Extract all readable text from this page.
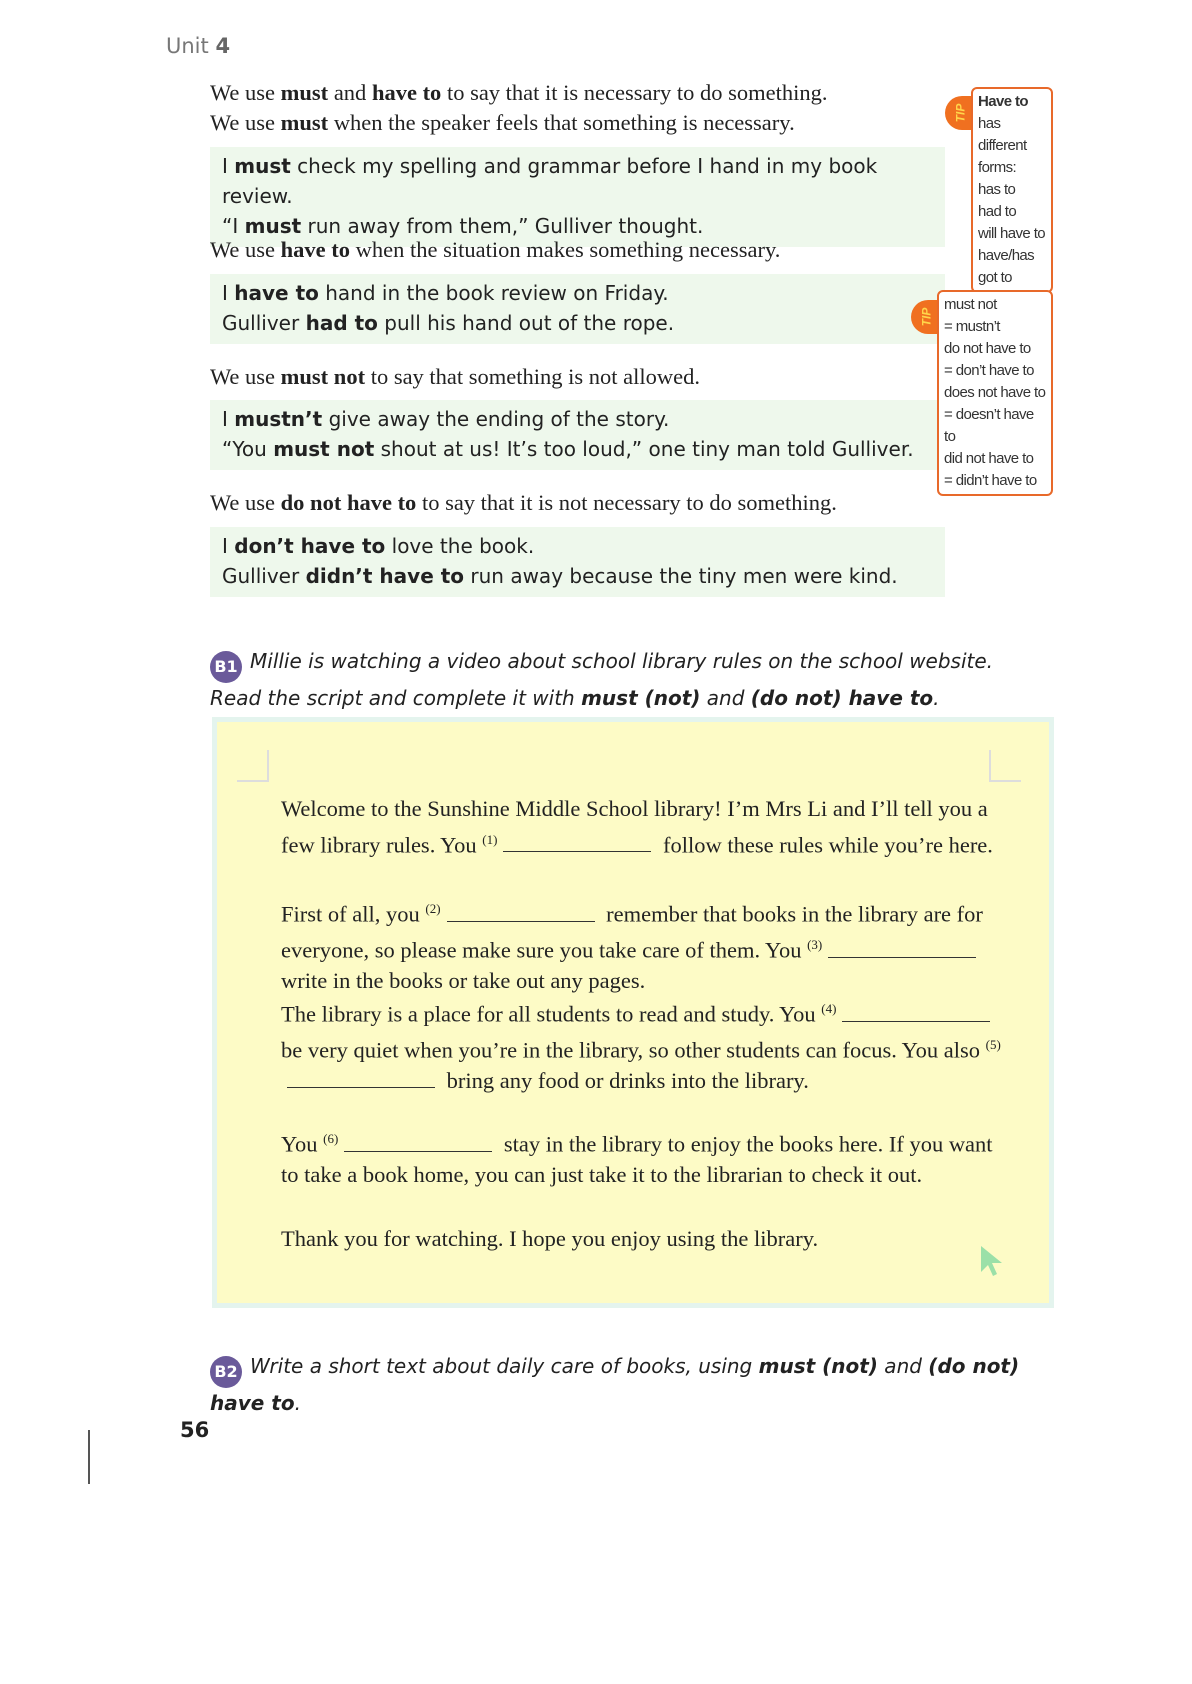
Unit 4
We use must and have to to say that it is necessary to do something.
We use must when the speaker feels that something is necessary.
I must check my spelling and grammar before I hand in my book review.
“I must run away from them,” Gulliver thought.
We use have to when the situation makes something necessary.
I have to hand in the book review on Friday.
Gulliver had to pull his hand out of the rope.
We use must not to say that something is not allowed.
I mustn’t give away the ending of the story.
“You must not shout at us! It’s too loud,” one tiny man told Gulliver.
We use do not have to to say that it is not necessary to do something.
I don’t have to love the book.
Gulliver didn’t have to run away because the tiny men were kind.
TIP
Have to has
different
forms:
has to
had to
will have to
have/has
got to
TIP
must not
= mustn’t
do not have to
= don’t have to
does not have to
= doesn’t have to
did not have to
= didn’t have to
B1 Millie is watching a video about school library rules on the school website. Read the script and complete it with must (not) and (do not) have to.
Welcome to the Sunshine Middle School library! I’m Mrs Li and I’ll tell you a few library rules. You $^{(1)}$	follow these rules while you’re here.
First of all, you $^{(2)}$	remember that books in the library are for everyone, so please make sure you take care of them. You $^{(3)}$ write in the books or take out any pages.
The library is a place for all students to read and study. You $^{(4)}$ be very quiet when you’re in the library, so other students can focus. You also $^{(5)}$ bring any food or drinks into the library.
You $^{(6)}$	stay in the library to enjoy the books here. If you want to take a book home, you can just take it to the librarian to check it out.
Thank you for watching. I hope you enjoy using the library.
B2 Write a short text about daily care of books, using must (not) and (do not) have to.
56
